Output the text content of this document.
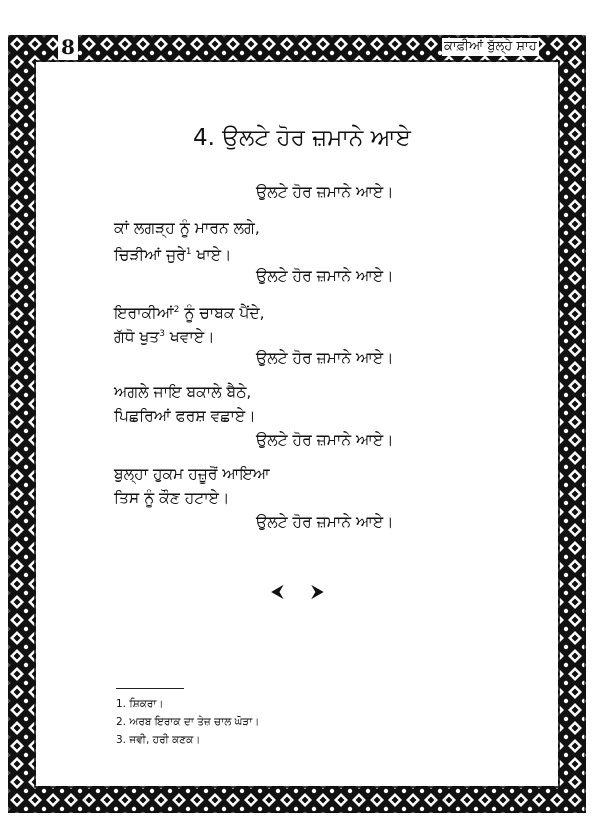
8	ਕਾਫ਼ੀਆਂ ਬੁੱਲ੍ਹੇ ਸ਼ਾਹ
4. ਉਲਟੇ ਹੋਰ ਜ਼ਮਾਨੇ ਆਏ
ਉਲਟੇ ਹੋਰ ਜ਼ਮਾਨੇ ਆਏ।
ਕਾਂ ਲਗੜ੍ਹ ਨੂੰ ਮਾਰਨ ਲਗੇ,
ਚਿੜੀਆਂ ਜੁਰੇ$^1$ ਖਾਏ।
ਉਲਟੇ ਹੋਰ ਜ਼ਮਾਨੇ ਆਏ।
ਇਰਾਕੀਆਂ$^2$ ਨੂੰ ਚਾਬਕ ਪੈਂਦੇ,
ਗੱਧੋ ਖੁਤ$^3$ ਖਵਾਏ।
ਉਲਟੇ ਹੋਰ ਜ਼ਮਾਨੇ ਆਏ।
ਅਗਲੇ ਜਾਇ ਬਕਾਲੇ ਬੈਠੇ,
ਪਿਛਰਿਆਂ ਫਰਸ਼ ਵਛਾਏ।
ਉਲਟੇ ਹੋਰ ਜ਼ਮਾਨੇ ਆਏ।
ਬੁਲ੍ਹਾ ਹੁਕਮ ਹਜ਼ੂਰੋਂ ਆਇਆ
ਤਿਸ ਨੂੰ ਕੌਣ ਹਟਾਏ।
ਉਲਟੇ ਹੋਰ ਜ਼ਮਾਨੇ ਆਏ।
⮜ ⮞
1. ਸ਼ਿਕਰਾ।
2. ਅਰਬ ਇਰਾਕ ਦਾ ਤੇਜ਼ ਚਾਲ ਘੋੜਾ।
3. ਜਵੀ, ਹਰੀ ਕਣਕ।
